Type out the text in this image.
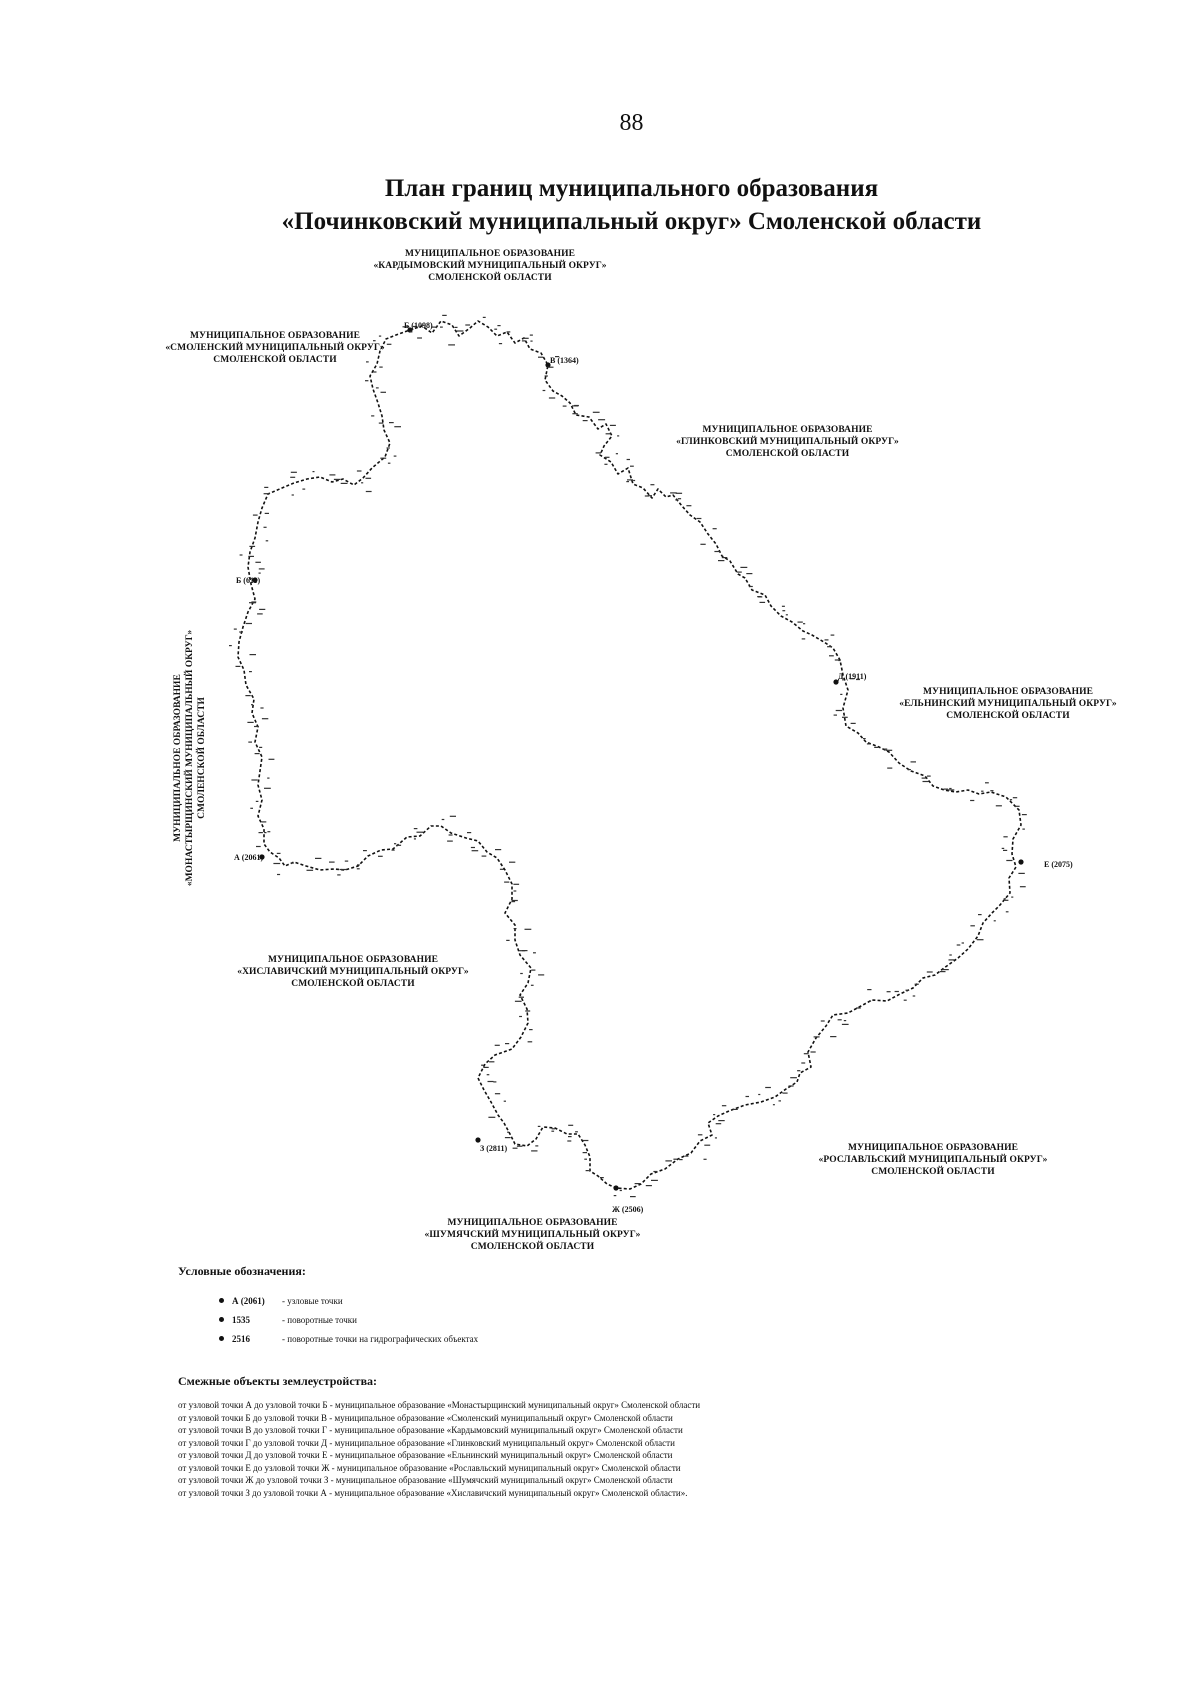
88
План границ муниципального образования
«Починковский муниципальный округ» Смоленской области
МУНИЦИПАЛЬНОЕ ОБРАЗОВАНИЕ
«КАРДЫМОВСКИЙ МУНИЦИПАЛЬНЫЙ ОКРУГ»
СМОЛЕНСКОЙ ОБЛАСТИ
МУНИЦИПАЛЬНОЕ ОБРАЗОВАНИЕ
«СМОЛЕНСКИЙ МУНИЦИПАЛЬНЫЙ ОКРУГ»
СМОЛЕНСКОЙ ОБЛАСТИ
МУНИЦИПАЛЬНОЕ ОБРАЗОВАНИЕ
«ГЛИНКОВСКИЙ МУНИЦИПАЛЬНЫЙ ОКРУГ»
СМОЛЕНСКОЙ ОБЛАСТИ
МУНИЦИПАЛЬНОЕ ОБРАЗОВАНИЕ «МОНАСТЫРЩИНСКИЙ МУНИЦИПАЛЬНЫЙ ОКРУГ» СМОЛЕНСКОЙ ОБЛАСТИ
МУНИЦИПАЛЬНОЕ ОБРАЗОВАНИЕ
«ЕЛЬНИНСКИЙ МУНИЦИПАЛЬНЫЙ ОКРУГ»
СМОЛЕНСКОЙ ОБЛАСТИ
МУНИЦИПАЛЬНОЕ ОБРАЗОВАНИЕ
«ХИСЛАВИЧСКИЙ МУНИЦИПАЛЬНЫЙ ОКРУГ»
СМОЛЕНСКОЙ ОБЛАСТИ
МУНИЦИПАЛЬНОЕ ОБРАЗОВАНИЕ
«РОСЛАВЛЬСКИЙ МУНИЦИПАЛЬНЫЙ ОКРУГ»
СМОЛЕНСКОЙ ОБЛАСТИ
МУНИЦИПАЛЬНОЕ ОБРАЗОВАНИЕ
«ШУМЯЧСКИЙ МУНИЦИПАЛЬНЫЙ ОКРУГ»
СМОЛЕНСКОЙ ОБЛАСТИ
Б (1098)
В (1364)
Б (611)
А (2061)
Д (1911)
Е (2075)
Ж (2506)
З (2811)
Условные обозначения:
А (2061)	- узловые точки
1535	- поворотные точки
2516	- поворотные точки на гидрографических объектах
Смежные объекты землеустройства:
от узловой точки А до узловой точки Б - муниципальное образование «Монастырщинский муниципальный округ» Смоленской области
от узловой точки Б до узловой точки В - муниципальное образование «Смоленский муниципальный округ» Смоленской области
от узловой точки В до узловой точки Г - муниципальное образование «Кардымовский муниципальный округ» Смоленской области
от узловой точки Г до узловой точки Д - муниципальное образование «Глинковский муниципальный округ» Смоленской области
от узловой точки Д до узловой точки Е - муниципальное образование «Ельнинский муниципальный округ» Смоленской области
от узловой точки Е до узловой точки Ж - муниципальное образование «Рославльский муниципальный округ» Смоленской области
от узловой точки Ж до узловой точки З - муниципальное образование «Шумячский муниципальный округ» Смоленской области
от узловой точки З до узловой точки А - муниципальное образование «Хиславичский муниципальный округ» Смоленской области».
